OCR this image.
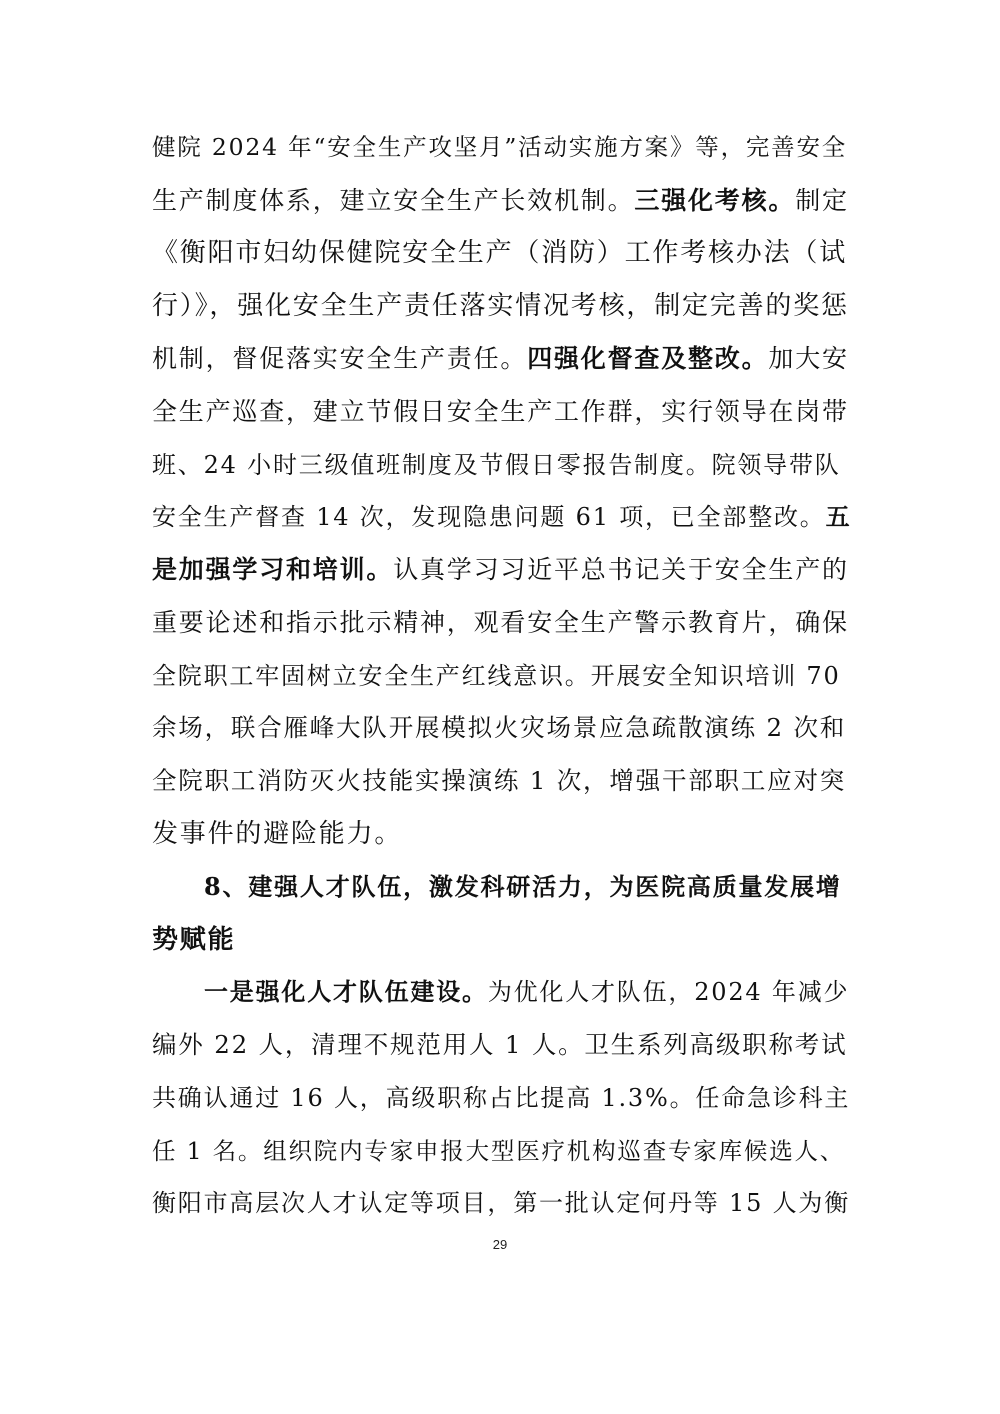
健院 2024 年“安全生产攻坚月”活动实施方案》等，完善安全
生产制度体系，建立安全生产长效机制。三强化考核。制定
《衡阳市妇幼保健院安全生产（消防）工作考核办法（试
行）》，强化安全生产责任落实情况考核，制定完善的奖惩
机制，督促落实安全生产责任。四强化督查及整改。加大安
全生产巡查，建立节假日安全生产工作群，实行领导在岗带
班、24 小时三级值班制度及节假日零报告制度。院领导带队
安全生产督查 14 次，发现隐患问题 61 项，已全部整改。五
是加强学习和培训。认真学习习近平总书记关于安全生产的
重要论述和指示批示精神，观看安全生产警示教育片，确保
全院职工牢固树立安全生产红线意识。开展安全知识培训 70
余场，联合雁峰大队开展模拟火灾场景应急疏散演练 2 次和
全院职工消防灭火技能实操演练 1 次，增强干部职工应对突
发事件的避险能力。
8、建强人才队伍，激发科研活力，为医院高质量发展增
势赋能
一是强化人才队伍建设。为优化人才队伍，2024 年减少
编外 22 人，清理不规范用人 1 人。卫生系列高级职称考试
共确认通过 16 人，高级职称占比提高 1.3%。任命急诊科主
任 1 名。组织院内专家申报大型医疗机构巡查专家库候选人、
衡阳市高层次人才认定等项目，第一批认定何丹等 15 人为衡
29
